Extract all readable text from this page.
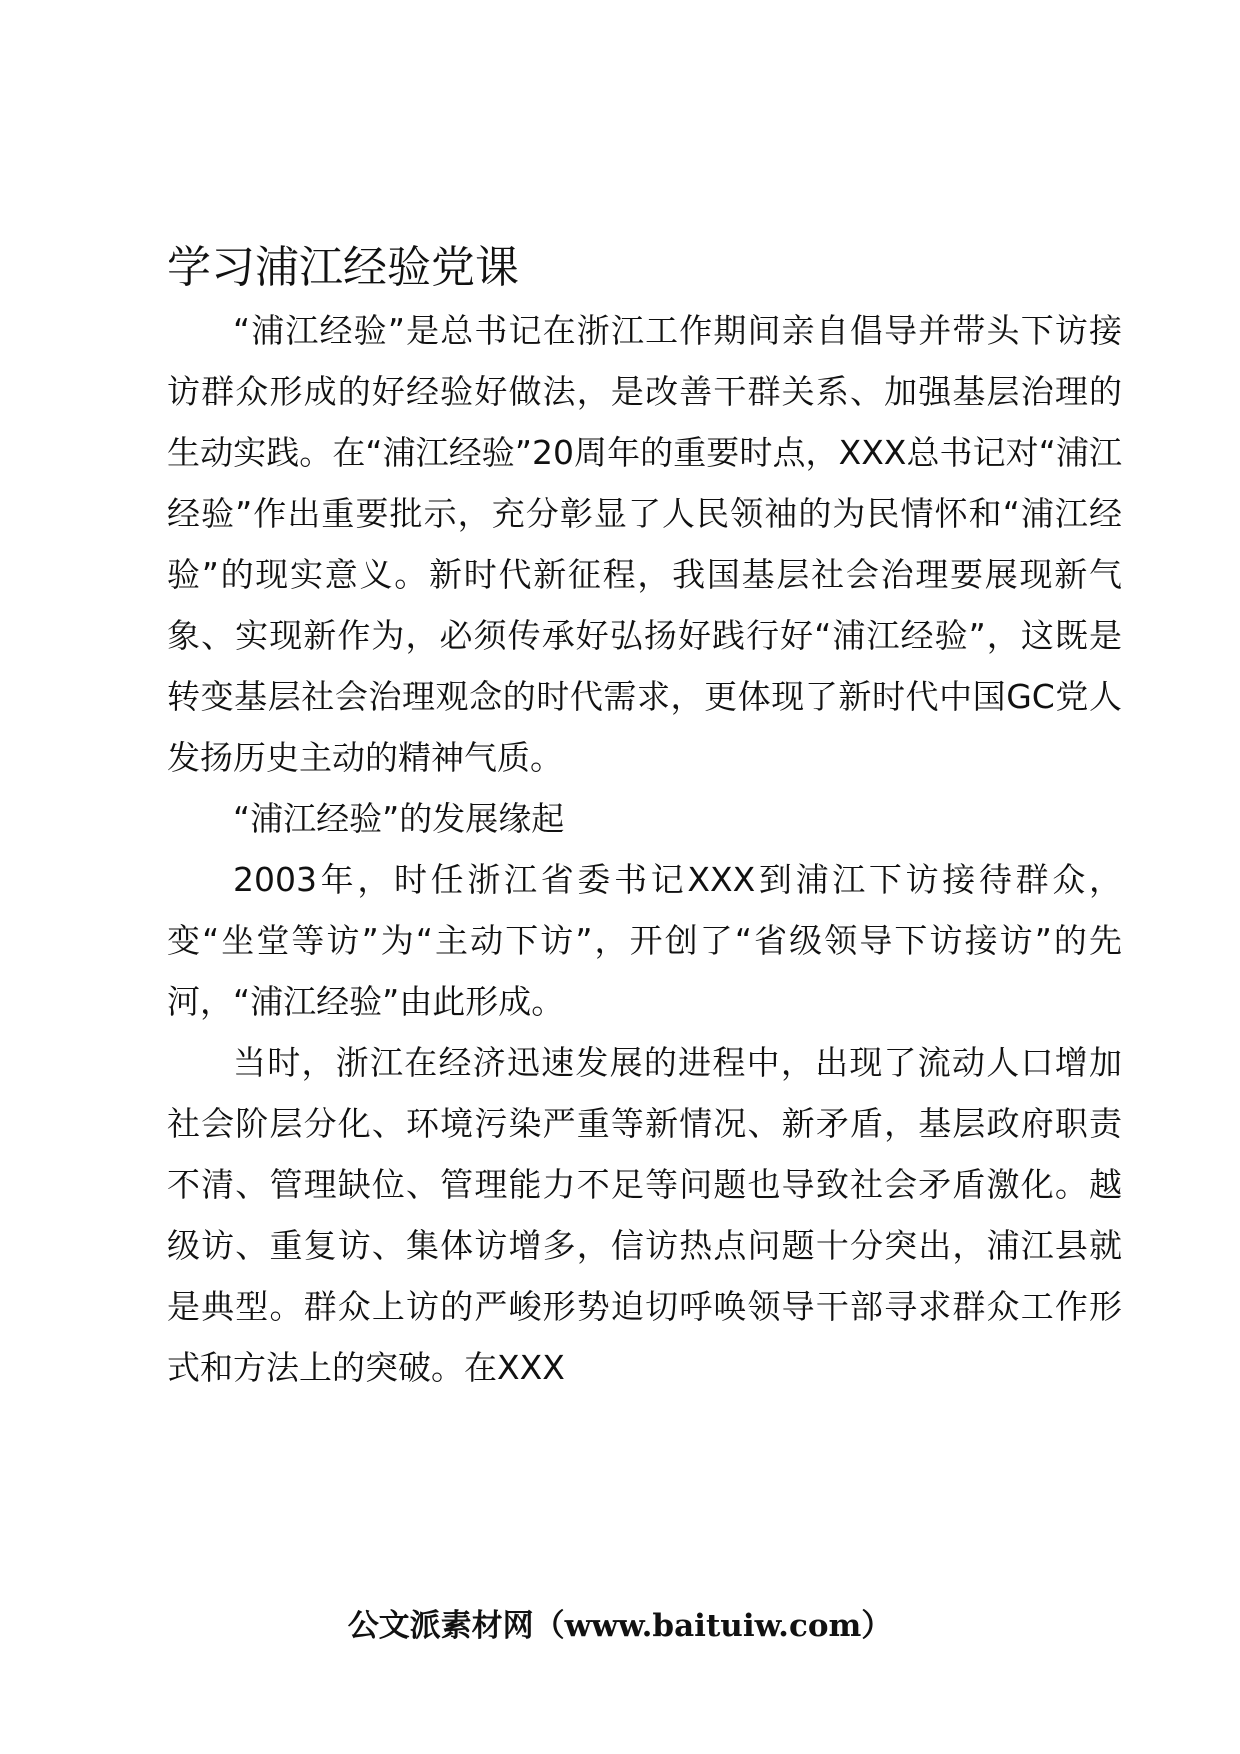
学习浦江经验党课

“浦江经验”是总书记在浙江工作期间亲自倡导并带头下访接访群众形成的好经验好做法，是改善干群关系、加强基层治理的生动实践。在“浦江经验”20周年的重要时点，XXX总书记对“浦江经验”作出重要批示，充分彰显了人民领袖的为民情怀和“浦江经验”的现实意义。新时代新征程，我国基层社会治理要展现新气象、实现新作为，必须传承好弘扬好践行好“浦江经验”，这既是转变基层社会治理观念的时代需求，更体现了新时代中国GC党人发扬历史主动的精神气质。

“浦江经验”的发展缘起

2003年，时任浙江省委书记XXX到浦江下访接待群众，变“坐堂等访”为“主动下访”，开创了“省级领导下访接访”的先河，“浦江经验”由此形成。

当时，浙江在经济迅速发展的进程中，出现了流动人口增加社会阶层分化、环境污染严重等新情况、新矛盾，基层政府职责不清、管理缺位、管理能力不足等问题也导致社会矛盾激化。越级访、重复访、集体访增多，信访热点问题十分突出，浦江县就是典型。群众上访的严峻形势迫切呼唤领导干部寻求群众工作形式和方法上的突破。在XXX

公文派素材网（www.baituiw.com）
